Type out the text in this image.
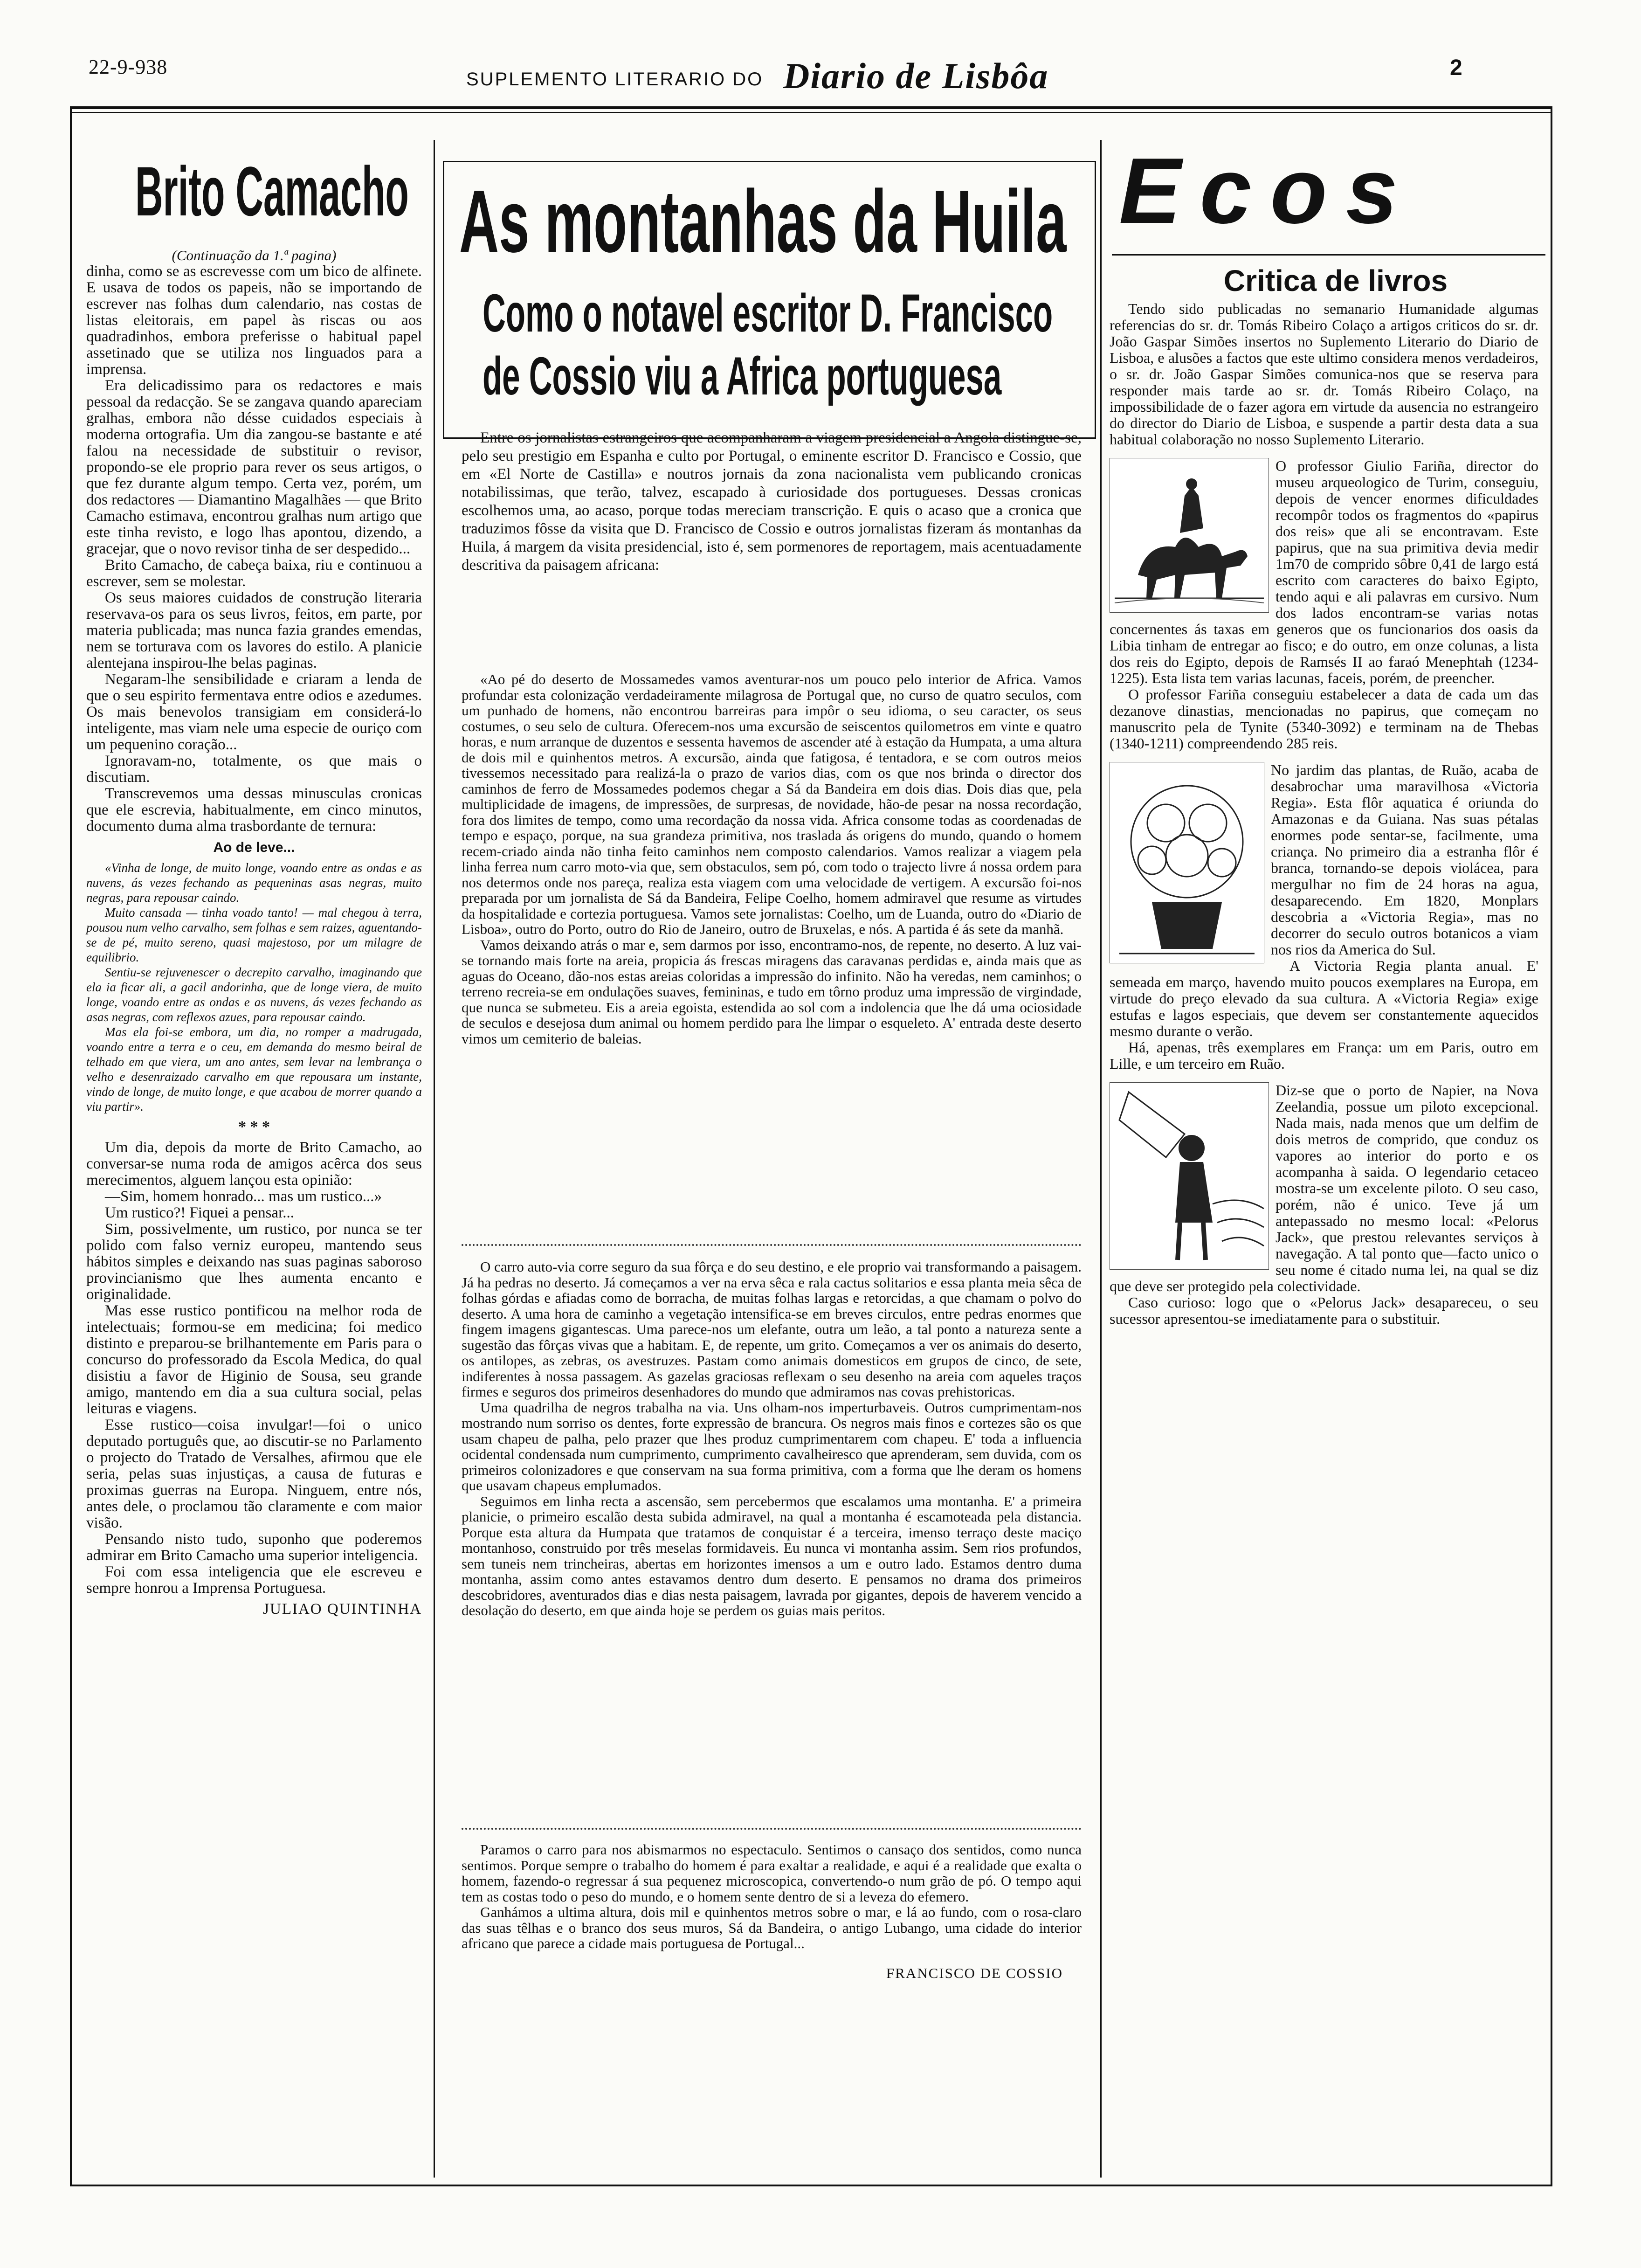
22-9-938
SUPLEMENTO LITERARIO DO Diario de Lisbôa	2
Brito Camacho

(Continuação da 1.ª pagina)

dinha, como se as escrevesse com um bico de alfinete. E usava de todos os papeis, não se importando de escrever nas folhas dum calendario, nas costas de listas eleitorais, em papel às riscas ou aos quadradinhos, embora preferisse o habitual papel assetinado que se utiliza nos linguados para a imprensa.

Era delicadissimo para os redactores e mais pessoal da redacção. Se se zangava quando apareciam gralhas, embora não désse cuidados especiais à moderna ortografia. Um dia zangou-se bastante e até falou na necessidade de substituir o revisor, propondo-se ele proprio para rever os seus artigos, o que fez durante algum tempo. Certa vez, porém, um dos redactores — Diamantino Magalhães — que Brito Camacho estimava, encontrou gralhas num artigo que este tinha revisto, e logo lhas apontou, dizendo, a gracejar, que o novo revisor tinha de ser despedido...

Brito Camacho, de cabeça baixa, riu e continuou a escrever, sem se molestar.

Os seus maiores cuidados de construção literaria reservava-os para os seus livros, feitos, em parte, por materia publicada; mas nunca fazia grandes emendas, nem se torturava com os lavores do estilo. A planicie alentejana inspirou-lhe belas paginas.

Negaram-lhe sensibilidade e criaram a lenda de que o seu espirito fermentava entre odios e azedumes. Os mais benevolos transigiam em considerá-lo inteligente, mas viam nele uma especie de ouriço com um pequenino coração...

Ignoravam-no, totalmente, os que mais o discutiam.

Transcrevemos uma dessas minusculas cronicas que ele escrevia, habitualmente, em cinco minutos, documento duma alma trasbordante de ternura:

Ao de leve...

«Vinha de longe, de muito longe, voando entre as ondas e as nuvens, ás vezes fechando as pequeninas asas negras, muito negras, para repousar caindo.

Muito cansada — tinha voado tanto! — mal chegou à terra, pousou num velho carvalho, sem folhas e sem raizes, aguentando-se de pé, muito sereno, quasi majestoso, por um milagre de equilibrio.

Sentiu-se rejuvenescer o decrepito carvalho, imaginando que ela ia ficar ali, a gacil andorinha, que de longe viera, de muito longe, voando entre as ondas e as nuvens, ás vezes fechando as asas negras, com reflexos azues, para repousar caindo.

Mas ela foi-se embora, um dia, no romper a madrugada, voando entre a terra e o ceu, em demanda do mesmo beiral de telhado em que viera, um ano antes, sem levar na lembrança o velho e desenraizado carvalho em que repousara um instante, vindo de longe, de muito longe, e que acabou de morrer quando a viu partir».

* * *

Um dia, depois da morte de Brito Camacho, ao conversar-se numa roda de amigos acêrca dos seus merecimentos, alguem lançou esta opinião:

—Sim, homem honrado... mas um rustico...»

Um rustico?! Fiquei a pensar...

Sim, possivelmente, um rustico, por nunca se ter polido com falso verniz europeu, mantendo seus hábitos simples e deixando nas suas paginas saboroso provincianismo que lhes aumenta encanto e originalidade.

Mas esse rustico pontificou na melhor roda de intelectuais; formou-se em medicina; foi medico distinto e preparou-se brilhantemente em Paris para o concurso do professorado da Escola Medica, do qual disistiu a favor de Higinio de Sousa, seu grande amigo, mantendo em dia a sua cultura social, pelas leituras e viagens.

Esse rustico—coisa invulgar!—foi o unico deputado português que, ao discutir-se no Parlamento o projecto do Tratado de Versalhes, afirmou que ele seria, pelas suas injustiças, a causa de futuras e proximas guerras na Europa. Ninguem, entre nós, antes dele, o proclamou tão claramente e com maior visão.

Pensando nisto tudo, suponho que poderemos admirar em Brito Camacho uma superior inteligencia.

Foi com essa inteligencia que ele escreveu e sempre honrou a Imprensa Portuguesa.

JULIAO QUINTINHA

As montanhas da Huila
Como o notavel escritor D. Francisco
de Cossio viu a Africa portuguesa

Entre os jornalistas estrangeiros que acompanharam a viagem presidencial a Angola distingue-se, pelo seu prestigio em Espanha e culto por Portugal, o eminente escritor D. Francisco e Cossio, que em «El Norte de Castilla» e noutros jornais da zona nacionalista vem publicando cronicas notabilissimas, que terão, talvez, escapado à curiosidade dos portugueses. Dessas cronicas escolhemos uma, ao acaso, porque todas mereciam transcrição. E quis o acaso que a cronica que traduzimos fôsse da visita que D. Francisco de Cossio e outros jornalistas fizeram ás montanhas da Huila, á margem da visita presidencial, isto é, sem pormenores de reportagem, mais acentuadamente descritiva da paisagem africana:

«Ao pé do deserto de Mossamedes vamos aventurar-nos um pouco pelo interior de Africa. Vamos profundar esta colonização verdadeiramente milagrosa de Portugal que, no curso de quatro seculos, com um punhado de homens, não encontrou barreiras para impôr o seu idioma, o seu caracter, os seus costumes, o seu selo de cultura. Oferecem-nos uma excursão de seiscentos quilometros em vinte e quatro horas, e num arranque de duzentos e sessenta havemos de ascender até à estação da Humpata, a uma altura de dois mil e quinhentos metros. A excursão, ainda que fatigosa, é tentadora, e se com outros meios tivessemos necessitado para realizá-la o prazo de varios dias, com os que nos brinda o director dos caminhos de ferro de Mossamedes podemos chegar a Sá da Bandeira em dois dias. Dois dias que, pela multiplicidade de imagens, de impressões, de surpresas, de novidade, hão-de pesar na nossa recordação, fora dos limites de tempo, como uma recordação da nossa vida. Africa consome todas as coordenadas de tempo e espaço, porque, na sua grandeza primitiva, nos traslada ás origens do mundo, quando o homem recem-criado ainda não tinha feito caminhos nem composto calendarios. Vamos realizar a viagem pela linha ferrea num carro moto-via que, sem obstaculos, sem pó, com todo o trajecto livre á nossa ordem para nos determos onde nos pareça, realiza esta viagem com uma velocidade de vertigem. A excursão foi-nos preparada por um jornalista de Sá da Bandeira, Felipe Coelho, homem admiravel que resume as virtudes da hospitalidade e cortezia portuguesa. Vamos sete jornalistas: Coelho, um de Luanda, outro do «Diario de Lisboa», outro do Porto, outro do Rio de Janeiro, outro de Bruxelas, e nós. A partida é ás sete da manhã.

Vamos deixando atrás o mar e, sem darmos por isso, encontramo-nos, de repente, no deserto. A luz vai-se tornando mais forte na areia, propicia ás frescas miragens das caravanas perdidas e, ainda mais que as aguas do Oceano, dão-nos estas areias coloridas a impressão do infinito. Não ha veredas, nem caminhos; o terreno recreia-se em ondulações suaves, femininas, e tudo em tôrno produz uma impressão de virgindade, que nunca se submeteu. Eis a areia egoista, estendida ao sol com a indolencia que lhe dá uma ociosidade de seculos e desejosa dum animal ou homem perdido para lhe limpar o esqueleto. A' entrada deste deserto vimos um cemiterio de baleias.

O carro auto-via corre seguro da sua fôrça e do seu destino, e ele proprio vai transformando a paisagem. Já ha pedras no deserto. Já começamos a ver na erva sêca e rala cactus solitarios e essa planta meia sêca de folhas górdas e afiadas como de borracha, de muitas folhas largas e retorcidas, a que chamam o polvo do deserto. A uma hora de caminho a vegetação intensifica-se em breves circulos, entre pedras enormes que fingem imagens gigantescas. Uma parece-nos um elefante, outra um leão, a tal ponto a natureza sente a sugestão das fôrças vivas que a habitam. E, de repente, um grito. Começamos a ver os animais do deserto, os antilopes, as zebras, os avestruzes. Pastam como animais domesticos em grupos de cinco, de sete, indiferentes à nossa passagem. As gazelas graciosas reflexam o seu desenho na areia com aqueles traços firmes e seguros dos primeiros desenhadores do mundo que admiramos nas covas prehistoricas.

Uma quadrilha de negros trabalha na via. Uns olham-nos imperturbaveis. Outros cumprimentam-nos mostrando num sorriso os dentes, forte expressão de brancura. Os negros mais finos e cortezes são os que usam chapeu de palha, pelo prazer que lhes produz cumprimentarem com chapeu. E' toda a influencia ocidental condensada num cumprimento, cumprimento cavalheiresco que aprenderam, sem duvida, com os primeiros colonizadores e que conservam na sua forma primitiva, com a forma que lhe deram os homens que usavam chapeus emplumados.

Seguimos em linha recta a ascensão, sem percebermos que escalamos uma montanha. E' a primeira planicie, o primeiro escalão desta subida admiravel, na qual a montanha é escamoteada pela distancia. Porque esta altura da Humpata que tratamos de conquistar é a terceira, imenso terraço deste maciço montanhoso, construido por três meselas formidaveis. Eu nunca vi montanha assim. Sem rios profundos, sem tuneis nem trincheiras, abertas em horizontes imensos a um e outro lado. Estamos dentro duma montanha, assim como antes estavamos dentro dum deserto. E pensamos no drama dos primeiros descobridores, aventurados dias e dias nesta paisagem, lavrada por gigantes, depois de haverem vencido a desolação do deserto, em que ainda hoje se perdem os guias mais peritos.

Paramos o carro para nos abismarmos no espectaculo. Sentimos o cansaço dos sentidos, como nunca sentimos. Porque sempre o trabalho do homem é para exaltar a realidade, e aqui é a realidade que exalta o homem, fazendo-o regressar á sua pequenez microscopica, convertendo-o num grão de pó. O tempo aqui tem as costas todo o peso do mundo, e o homem sente dentro de si a leveza do efemero.

Ganhámos a ultima altura, dois mil e quinhentos metros sobre o mar, e lá ao fundo, com o rosa-claro das suas têlhas e o branco dos seus muros, Sá da Bandeira, o antigo Lubango, uma cidade do interior africano que parece a cidade mais portuguesa de Portugal...

FRANCISCO DE COSSIO

Ecos
Critica de livros

Tendo sido publicadas no semanario Humanidade algumas referencias do sr. dr. Tomás Ribeiro Colaço a artigos criticos do sr. dr. João Gaspar Simões insertos no Suplemento Literario do Diario de Lisboa, e alusões a factos que este ultimo considera menos verdadeiros, o sr. dr. João Gaspar Simões comunica-nos que se reserva para responder mais tarde ao sr. dr. Tomás Ribeiro Colaço, na impossibilidade de o fazer agora em virtude da ausencia no estrangeiro do director do Diario de Lisboa, e suspende a partir desta data a sua habitual colaboração no nosso Suplemento Literario.

O professor Giulio Fariña, director do museu arqueologico de Turim, conseguiu, depois de vencer enormes dificuldades recompôr todos os fragmentos do «papirus dos reis» que ali se encontravam. Este papirus, que na sua primitiva devia medir 1m70 de comprido sôbre 0,41 de largo está escrito com caracteres do baixo Egipto, tendo aqui e ali palavras em cursivo. Num dos lados encontram-se varias notas concernentes ás taxas em generos que os funcionarios dos oasis da Libia tinham de entregar ao fisco; e do outro, em onze colunas, a lista dos reis do Egipto, depois de Ramsés II ao faraó Menephtah (1234-1225). Esta lista tem varias lacunas, faceis, porém, de preencher.

O professor Fariña conseguiu estabelecer a data de cada um das dezanove dinastias, mencionadas no papirus, que começam no manuscrito pela de Tynite (5340-3092) e terminam na de Thebas (1340-1211) compreendendo 285 reis.

No jardim das plantas, de Ruão, acaba de desabrochar uma maravilhosa «Victoria Regia». Esta flôr aquatica é oriunda do Amazonas e da Guiana. Nas suas pétalas enormes pode sentar-se, facilmente, uma criança. No primeiro dia a estranha flôr é branca, tornando-se depois violácea, para mergulhar no fim de 24 horas na agua, desaparecendo. Em 1820, Monplars descobria a «Victoria Regia», mas no decorrer do seculo outros botanicos a viam nos rios da America do Sul.

A Victoria Regia planta anual. E' semeada em março, havendo muito poucos exemplares na Europa, em virtude do preço elevado da sua cultura. A «Victoria Regia» exige estufas e lagos especiais, que devem ser constantemente aquecidos mesmo durante o verão.

Há, apenas, três exemplares em França: um em Paris, outro em Lille, e um terceiro em Ruão.

Diz-se que o porto de Napier, na Nova Zeelandia, possue um piloto excepcional. Nada mais, nada menos que um delfim de dois metros de comprido, que conduz os vapores ao interior do porto e os acompanha à saida. O legendario cetaceo mostra-se um excelente piloto. O seu caso, porém, não é unico. Teve já um antepassado no mesmo local: «Pelorus Jack», que prestou relevantes serviços à navegação. A tal ponto que—facto unico o seu nome é citado numa lei, na qual se diz que deve ser protegido pela colectividade.

Caso curioso: logo que o «Pelorus Jack» desapareceu, o seu sucessor apresentou-se imediatamente para o substituir.
